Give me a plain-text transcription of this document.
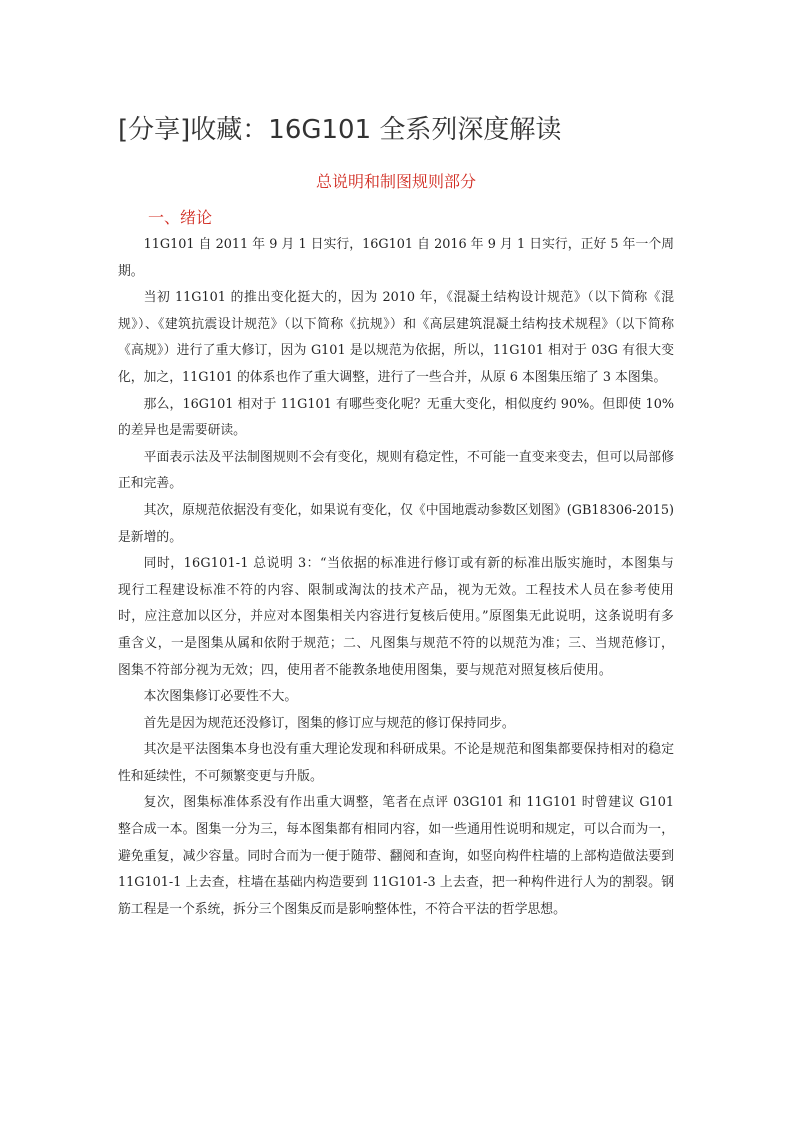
[分享]收藏：16G101 全系列深度解读
总说明和制图规则部分
一、绪论

11G101 自 2011 年 9 月 1 日实行，16G101 自 2016 年 9 月 1 日实行，正好 5 年一个周期。

当初 11G101 的推出变化挺大的，因为 2010 年，《混凝土结构设计规范》（以下简称《混规》）、《建筑抗震设计规范》（以下简称《抗规》）和《高层建筑混凝土结构技术规程》（以下简称《高规》）进行了重大修订，因为 G101 是以规范为依据，所以，11G101 相对于 03G 有很大变化，加之，11G101 的体系也作了重大调整，进行了一些合并，从原 6 本图集压缩了 3 本图集。

那么，16G101 相对于 11G101 有哪些变化呢？无重大变化，相似度约 90%。但即使 10%的差异也是需要研读。

平面表示法及平法制图规则不会有变化，规则有稳定性，不可能一直变来变去，但可以局部修正和完善。

其次，原规范依据没有变化，如果说有变化，仅《中国地震动参数区划图》(GB18306-2015) 是新增的。

同时，16G101-1 总说明 3：“当依据的标准进行修订或有新的标准出版实施时，本图集与现行工程建设标准不符的内容、限制或淘汰的技术产品，视为无效。工程技术人员在参考使用时，应注意加以区分，并应对本图集相关内容进行复核后使用。”原图集无此说明，这条说明有多重含义，一是图集从属和依附于规范；二、凡图集与规范不符的以规范为准；三、当规范修订，图集不符部分视为无效；四，使用者不能教条地使用图集，要与规范对照复核后使用。

本次图集修订必要性不大。

首先是因为规范还没修订，图集的修订应与规范的修订保持同步。

其次是平法图集本身也没有重大理论发现和科研成果。不论是规范和图集都要保持相对的稳定性和延续性，不可频繁变更与升版。

复次，图集标准体系没有作出重大调整，笔者在点评 03G101 和 11G101 时曾建议 G101 整合成一本。图集一分为三，每本图集都有相同内容，如一些通用性说明和规定，可以合而为一，避免重复，减少容量。同时合而为一便于随带、翻阅和查询，如竖向构件柱墙的上部构造做法要到 11G101-1 上去查，柱墙在基础内构造要到 11G101-3 上去查，把一种构件进行人为的割裂。钢筋工程是一个系统，拆分三个图集反而是影响整体性，不符合平法的哲学思想。
